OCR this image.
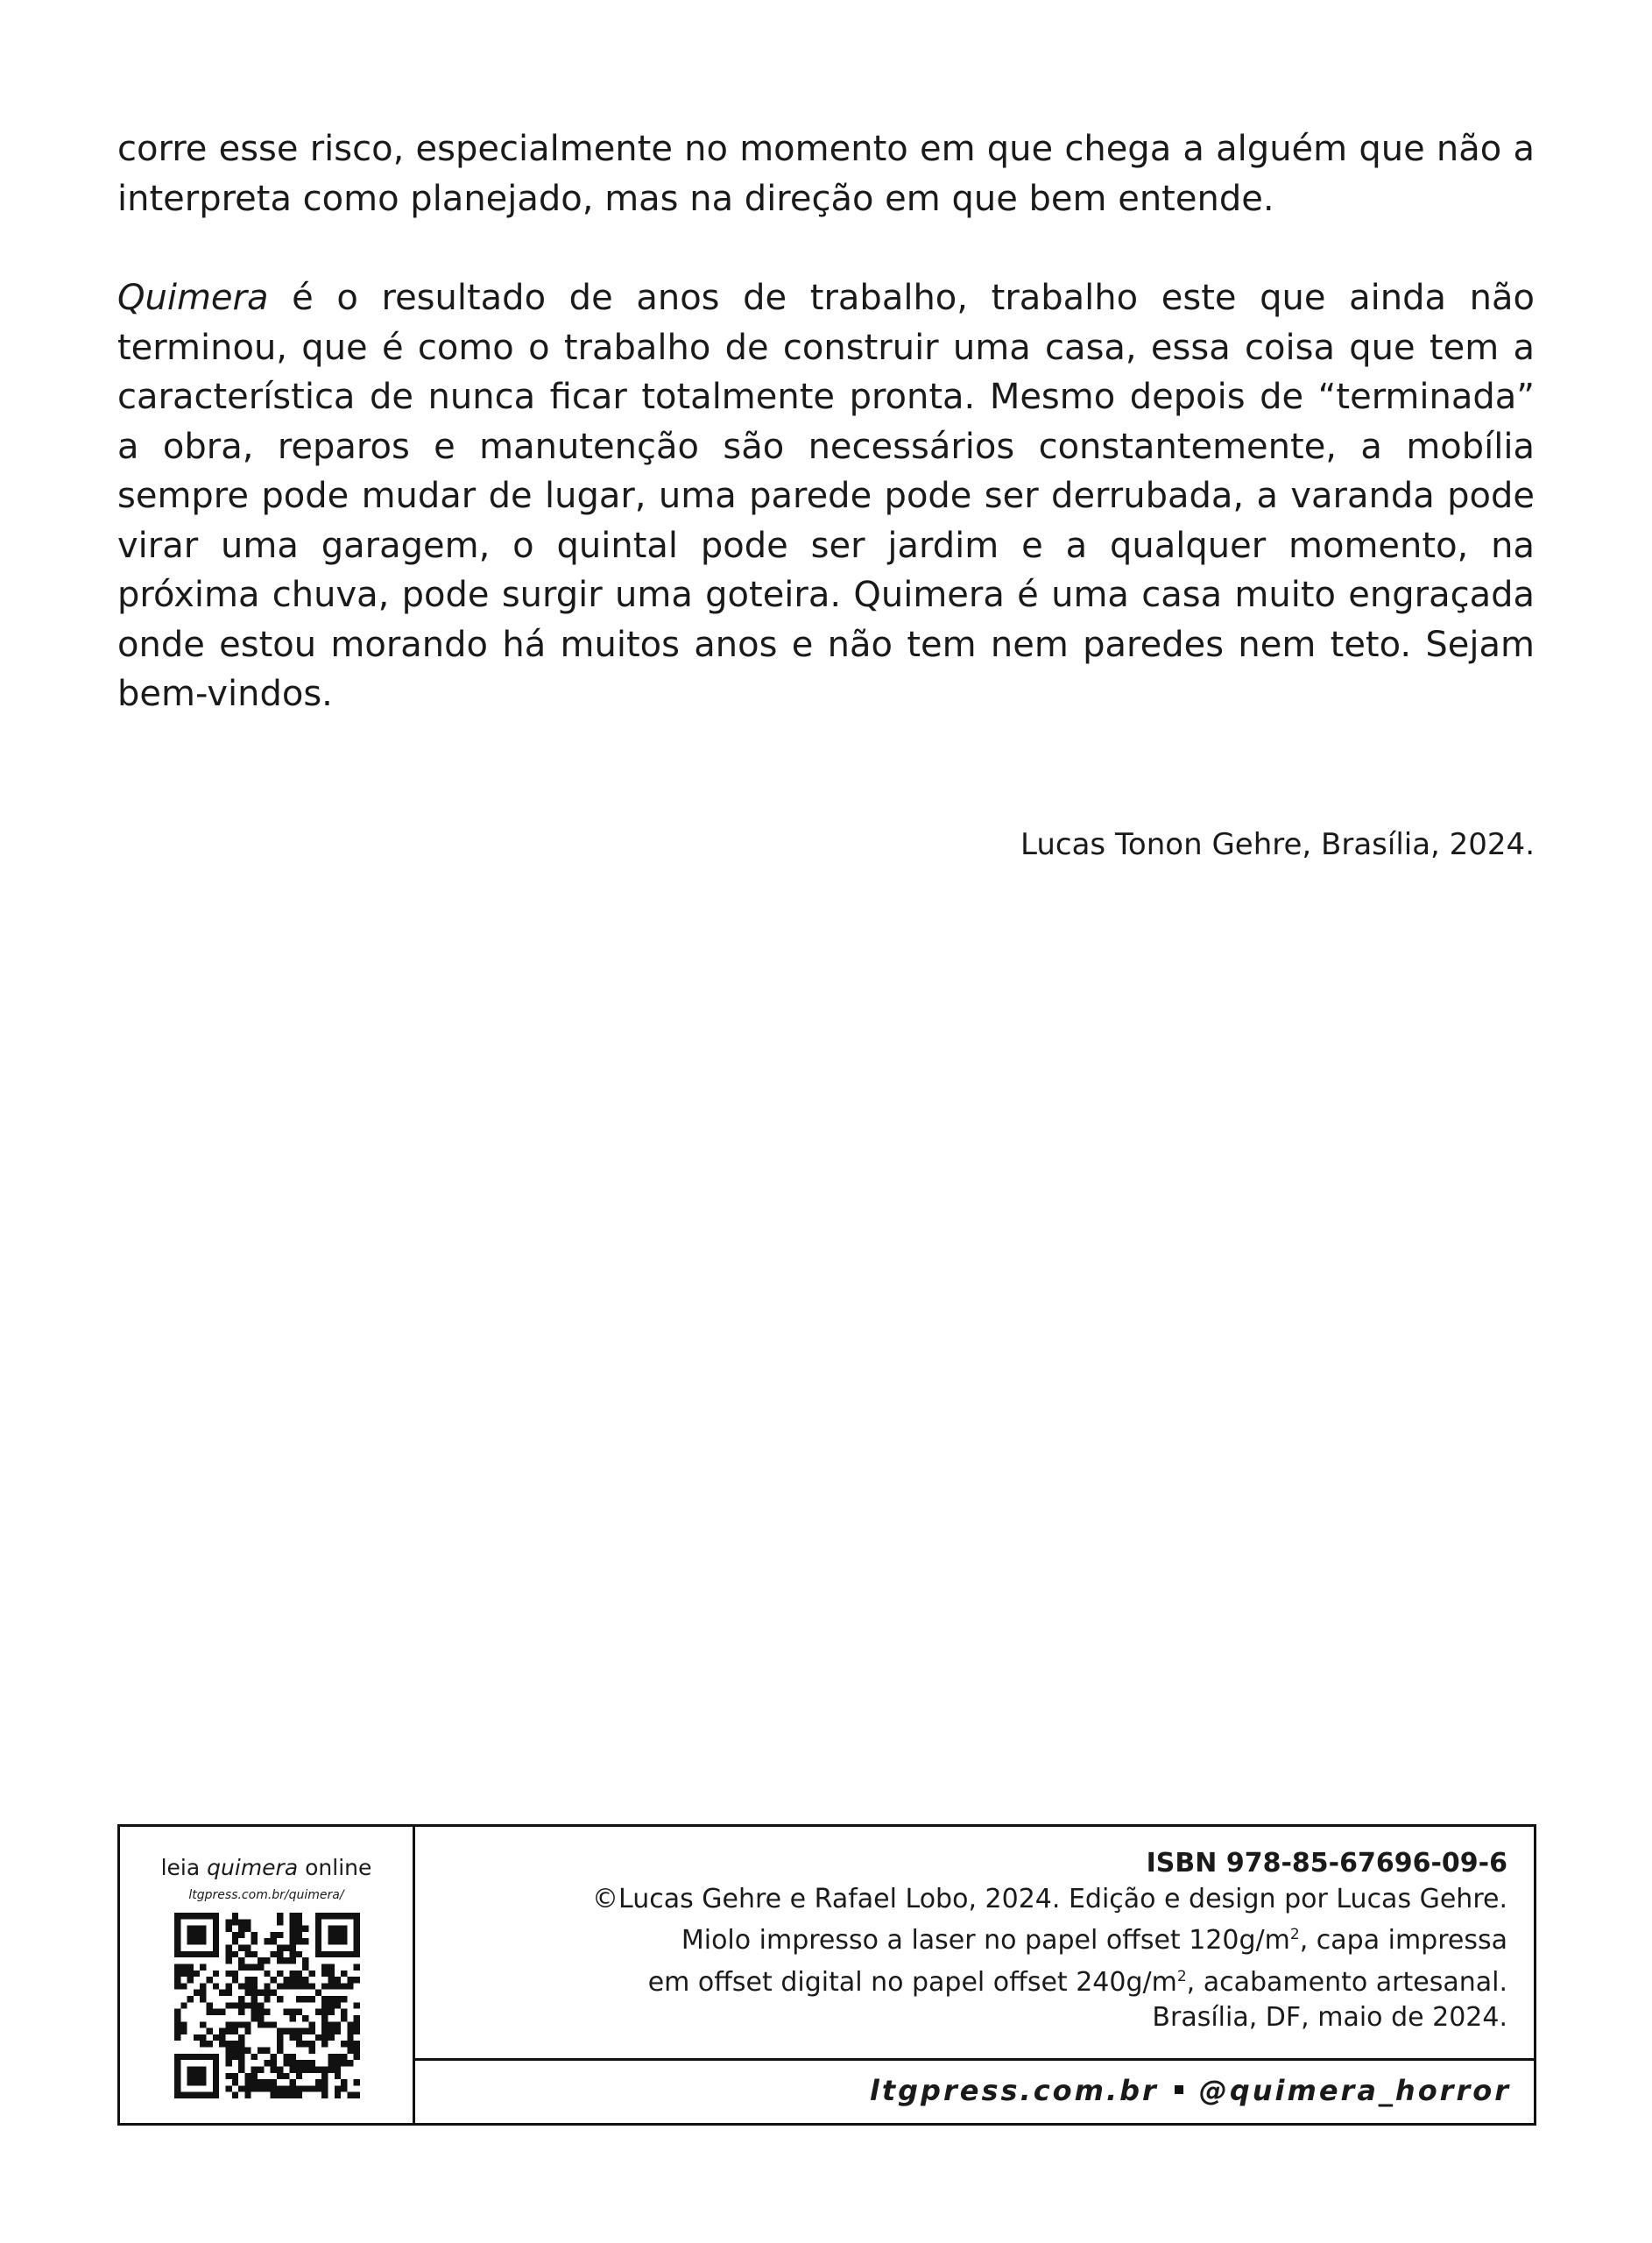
corre esse risco, especialmente no momento em que chega a alguém que não a interpreta como planejado, mas na direção em que bem entende.

Quimera é o resultado de anos de trabalho, trabalho este que ainda não terminou, que é como o trabalho de construir uma casa, essa coisa que tem a característica de nunca ficar totalmente pronta. Mesmo depois de “terminada” a obra, reparos e manutenção são necessários constantemente, a mobília sempre pode mudar de lugar, uma parede pode ser derrubada, a varanda pode virar uma garagem, o quintal pode ser jardim e a qualquer momento, na próxima chuva, pode surgir uma goteira. Quimera é uma casa muito engraçada onde estou morando há muitos anos e não tem nem paredes nem teto. Sejam bem-vindos.

Lucas Tonon Gehre, Brasília, 2024.
leia quimera online
ltgpress.com.br/quimera/
ISBN 978-85-67696-09-6
©Lucas Gehre e Rafael Lobo, 2024. Edição e design por Lucas Gehre.
Miolo impresso a laser no papel offset $120g/m^2$, capa impressa
em offset digital no papel offset $240g/m^2$, acabamento artesanal.
Brasília, DF, maio de 2024.
ltgpress.com.br @quimera_horror
